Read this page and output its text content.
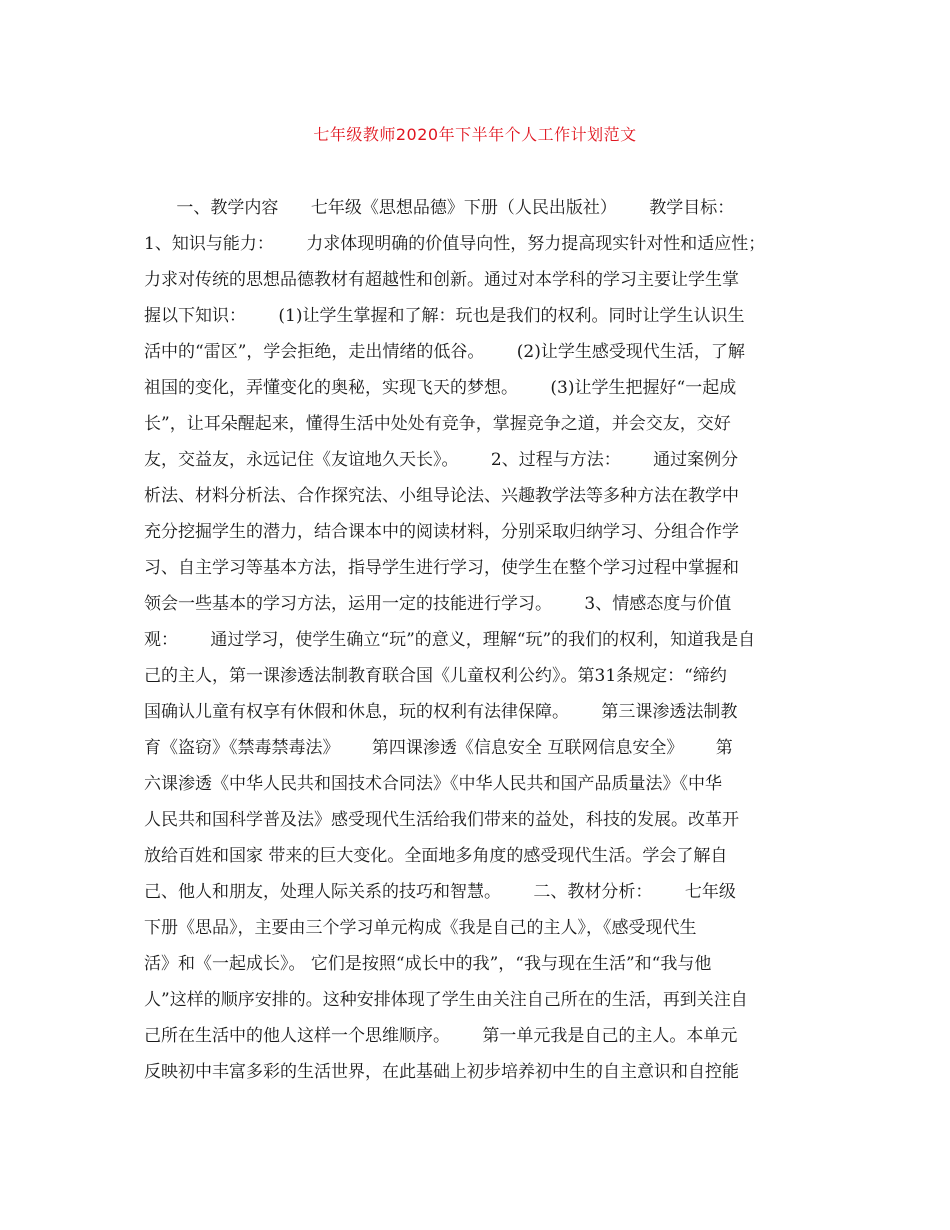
七年级教师2020年下半年个人工作计划范文
一、教学内容      七年级《思想品德》下册（人民出版社）      教学目标：
1、知识与能力：      力求体现明确的价值导向性，努力提高现实针对性和适应性；
力求对传统的思想品德教材有超越性和创新。通过对本学科的学习主要让学生掌
握以下知识：      (1)让学生掌握和了解：玩也是我们的权利。同时让学生认识生
活中的“雷区”，学会拒绝，走出情绪的低谷。      (2)让学生感受现代生活，了解
祖国的变化，弄懂变化的奥秘，实现飞天的梦想。      (3)让学生把握好“一起成
长”，让耳朵醒起来，懂得生活中处处有竞争，掌握竞争之道，并会交友，交好
友，交益友，永远记住《友谊地久天长》。      2、过程与方法：      通过案例分
析法、材料分析法、合作探究法、小组导论法、兴趣教学法等多种方法在教学中
充分挖掘学生的潜力，结合课本中的阅读材料，分别采取归纳学习、分组合作学
习、自主学习等基本方法，指导学生进行学习，使学生在整个学习过程中掌握和
领会一些基本的学习方法，运用一定的技能进行学习。      3、情感态度与价值
观：      通过学习，使学生确立“玩”的意义，理解“玩”的我们的权利，知道我是自
己的主人，第一课渗透法制教育联合国《儿童权利公约》。第31条规定：“缔约
国确认儿童有权享有休假和休息，玩的权利有法律保障。      第三课渗透法制教
育《盗窃》《禁毒禁毒法》      第四课渗透《信息安全 互联网信息安全》      第
六课渗透《中华人民共和国技术合同法》《中华人民共和国产品质量法》《中华
人民共和国科学普及法》感受现代生活给我们带来的益处，科技的发展。改革开
放给百姓和国家 带来的巨大变化。全面地多角度的感受现代生活。学会了解自
己、他人和朋友，处理人际关系的技巧和智慧。      二、教材分析：      七年级
下册《思品》，主要由三个学习单元构成《我是自己的主人》，《感受现代生
活》和《一起成长》。 它们是按照“成长中的我”，“我与现在生活”和“我与他
人”这样的顺序安排的。这种安排体现了学生由关注自己所在的生活，再到关注自
己所在生活中的他人这样一个思维顺序。      第一单元我是自己的主人。本单元
反映初中丰富多彩的生活世界，在此基础上初步培养初中生的自主意识和自控能
